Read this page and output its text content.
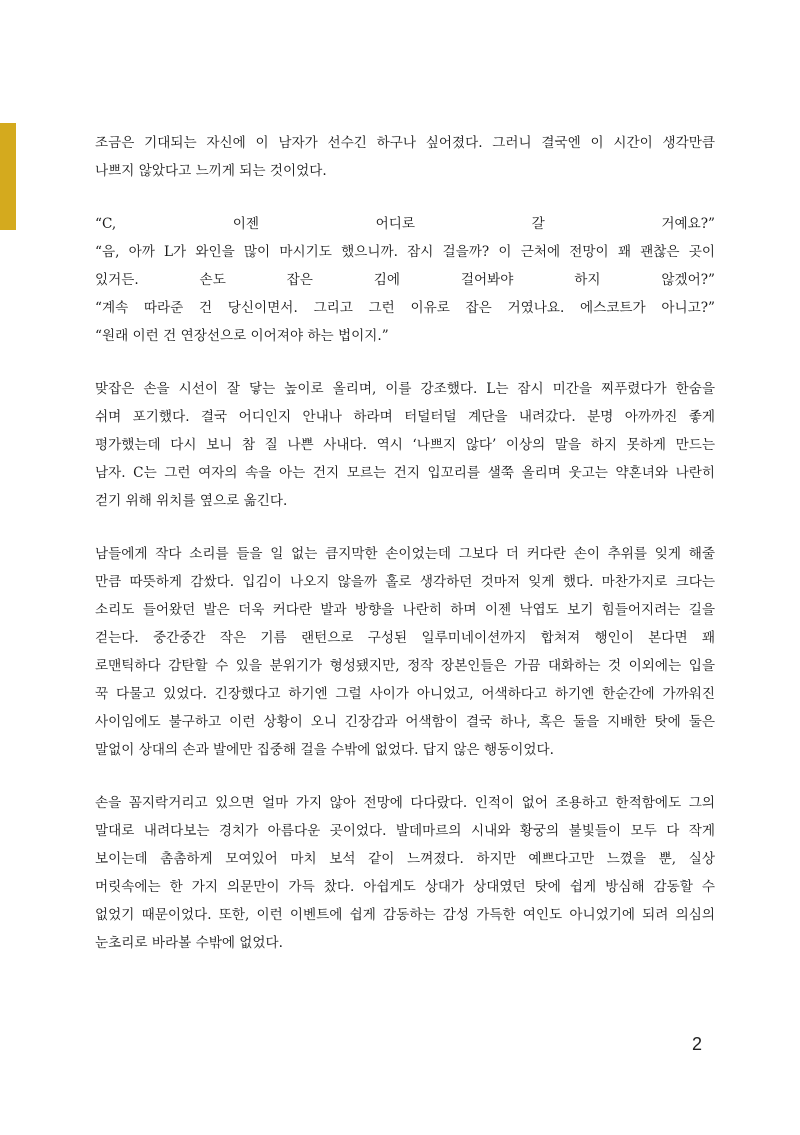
조금은 기대되는 자신에 이 남자가 선수긴 하구나 싶어졌다. 그러니 결국엔 이 시간이 생각만큼
나쁘지 않았다고 느끼게 되는 것이었다.
“C, 이젠 어디로 갈 거예요?”
“음, 아까 L가 와인을 많이 마시기도 했으니까. 잠시 걸을까? 이 근처에 전망이 꽤 괜찮은 곳이
있거든. 손도 잡은 김에 걸어봐야 하지 않겠어?”
“계속 따라준 건 당신이면서. 그리고 그런 이유로 잡은 거였나요. 에스코트가 아니고?”
“원래 이런 건 연장선으로 이어져야 하는 법이지.”
맞잡은 손을 시선이 잘 닿는 높이로 올리며, 이를 강조했다. L는 잠시 미간을 찌푸렸다가 한숨을
쉬며 포기했다. 결국 어디인지 안내나 하라며 터덜터덜 계단을 내려갔다. 분명 아까까진 좋게
평가했는데 다시 보니 참 질 나쁜 사내다. 역시 ‘나쁘지 않다’ 이상의 말을 하지 못하게 만드는
남자. C는 그런 여자의 속을 아는 건지 모르는 건지 입꼬리를 샐쭉 올리며 웃고는 약혼녀와 나란히
걷기 위해 위치를 옆으로 옮긴다.
남들에게 작다 소리를 들을 일 없는 큼지막한 손이었는데 그보다 더 커다란 손이 추위를 잊게 해줄
만큼 따뜻하게 감쌌다. 입김이 나오지 않을까 홀로 생각하던 것마저 잊게 했다. 마찬가지로 크다는
소리도 들어왔던 발은 더욱 커다란 발과 방향을 나란히 하며 이젠 낙엽도 보기 힘들어지려는 길을
걷는다. 중간중간 작은 기름 랜턴으로 구성된 일루미네이션까지 합쳐져 행인이 본다면 꽤
로맨틱하다 감탄할 수 있을 분위기가 형성됐지만, 정작 장본인들은 가끔 대화하는 것 이외에는 입을
꾹 다물고 있었다. 긴장했다고 하기엔 그럴 사이가 아니었고, 어색하다고 하기엔 한순간에 가까워진
사이임에도 불구하고 이런 상황이 오니 긴장감과 어색함이 결국 하나, 혹은 둘을 지배한 탓에 둘은
말없이 상대의 손과 발에만 집중해 걸을 수밖에 없었다. 답지 않은 행동이었다.
손을 꼼지락거리고 있으면 얼마 가지 않아 전망에 다다랐다. 인적이 없어 조용하고 한적함에도 그의
말대로 내려다보는 경치가 아름다운 곳이었다. 발데마르의 시내와 황궁의 불빛들이 모두 다 작게
보이는데 촘촘하게 모여있어 마치 보석 같이 느껴졌다. 하지만 예쁘다고만 느꼈을 뿐, 실상
머릿속에는 한 가지 의문만이 가득 찼다. 아쉽게도 상대가 상대였던 탓에 쉽게 방심해 감동할 수
없었기 때문이었다. 또한, 이런 이벤트에 쉽게 감동하는 감성 가득한 여인도 아니었기에 되려 의심의
눈초리로 바라볼 수밖에 없었다.
2
